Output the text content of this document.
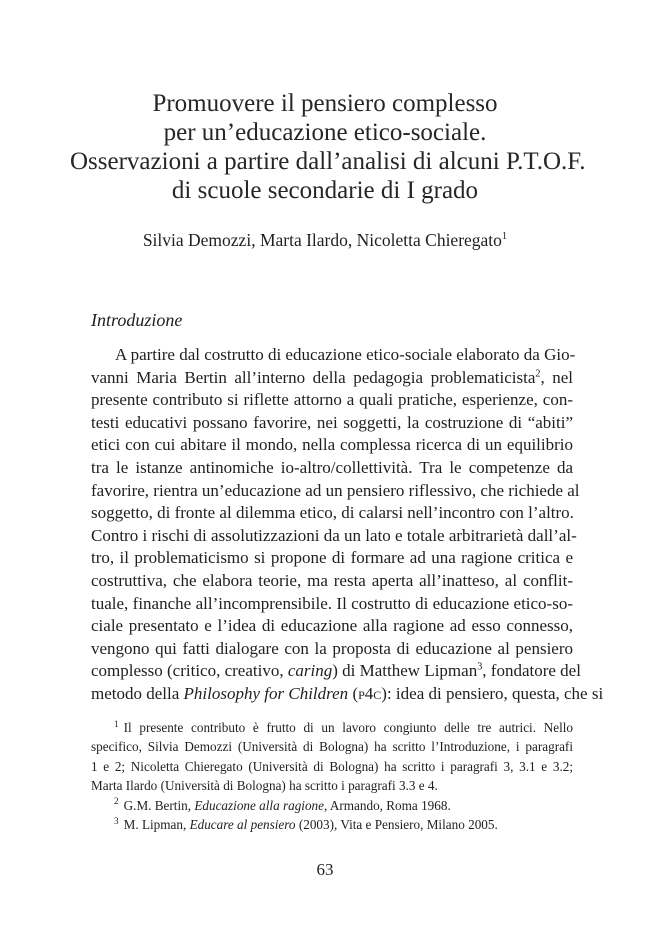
Promuovere il pensiero complesso
per un’educazione etico-sociale.
Osservazioni a partire dall’analisi di alcuni P.T.O.F.
di scuole secondarie di I grado
Silvia Demozzi, Marta Ilardo, Nicoletta Chieregato$^1$
Introduzione
A partire dal costrutto di educazione etico-sociale elaborato da Gio-
vanni Maria Bertin all’interno della pedagogia problematicista$^2$, nel
presente contributo si riflette attorno a quali pratiche, esperienze, con-
testi educativi possano favorire, nei soggetti, la costruzione di “abiti”
etici con cui abitare il mondo, nella complessa ricerca di un equilibrio
tra le istanze antinomiche io-altro/collettività. Tra le competenze da
favorire, rientra un’educazione ad un pensiero riflessivo, che richiede al
soggetto, di fronte al dilemma etico, di calarsi nell’incontro con l’altro.
Contro i rischi di assolutizzazioni da un lato e totale arbitrarietà dall’al-
tro, il problematicismo si propone di formare ad una ragione critica e
costruttiva, che elabora teorie, ma resta aperta all’inatteso, al conflit-
tuale, finanche all’incomprensibile. Il costrutto di educazione etico-so-
ciale presentato e l’idea di educazione alla ragione ad esso connesso,
vengono qui fatti dialogare con la proposta di educazione al pensiero
complesso (critico, creativo, caring) di Matthew Lipman$^3$, fondatore del
metodo della Philosophy for Children (p4c): idea di pensiero, questa, che si
$^1$ Il presente contributo è frutto di un lavoro congiunto delle tre autrici. Nello
specifico, Silvia Demozzi (Università di Bologna) ha scritto l’Introduzione, i paragrafi
1 e 2; Nicoletta Chieregato (Università di Bologna) ha scritto i paragrafi 3, 3.1 e 3.2;
Marta Ilardo (Università di Bologna) ha scritto i paragrafi 3.3 e 4.
$^2$ G.M. Bertin, Educazione alla ragione, Armando, Roma 1968.
$^3$ M. Lipman, Educare al pensiero (2003), Vita e Pensiero, Milano 2005.
63
